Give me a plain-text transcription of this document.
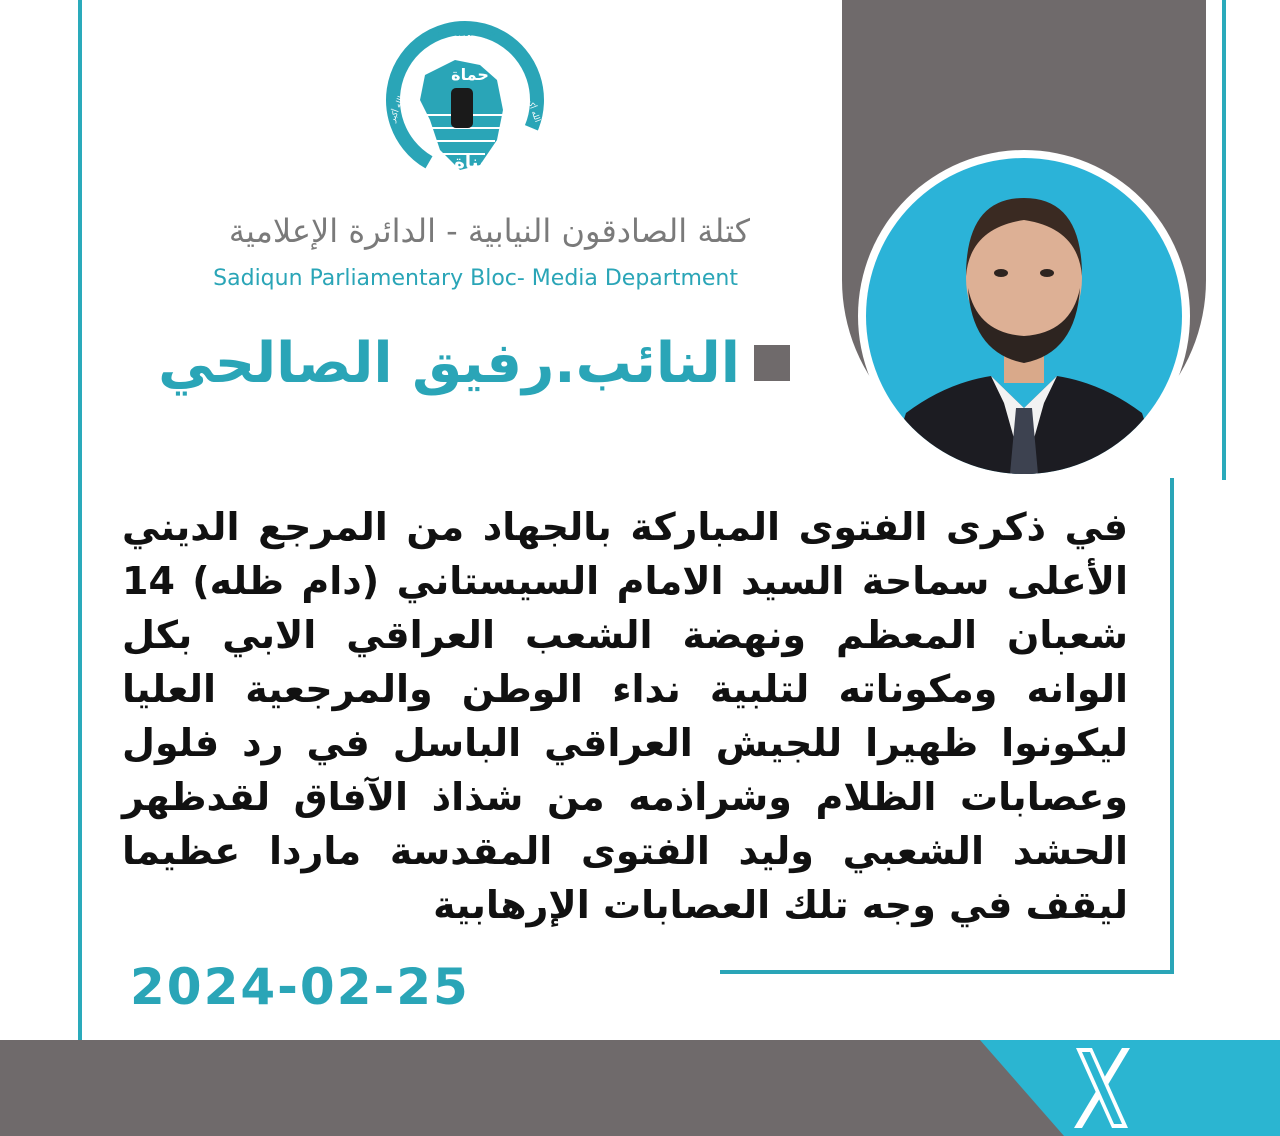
حماة
بناة
حركة الصادقون
الله أكبر	الله أكبر
كتلة الصادقون النيابية - الدائرة الإعلامية
Sadiqun Parliamentary Bloc- Media Department
النائب.رفيق الصالحي
في ذكرى الفتوى المباركة بالجهاد من المرجع الديني الأعلى سماحة السيد الامام السيستاني (دام ظله) 14 شعبان المعظم ونهضة الشعب العراقي الابي بكل الوانه ومكوناته لتلبية نداء الوطن والمرجعية العليا ليكونوا ظهيرا للجيش العراقي الباسل في رد فلول وعصابات الظلام وشراذمه من شذاذ الآفاق لقدظهر الحشد الشعبي وليد الفتوى المقدسة ماردا عظيما ليقف في وجه تلك العصابات الإرهابية
2024-02-25
